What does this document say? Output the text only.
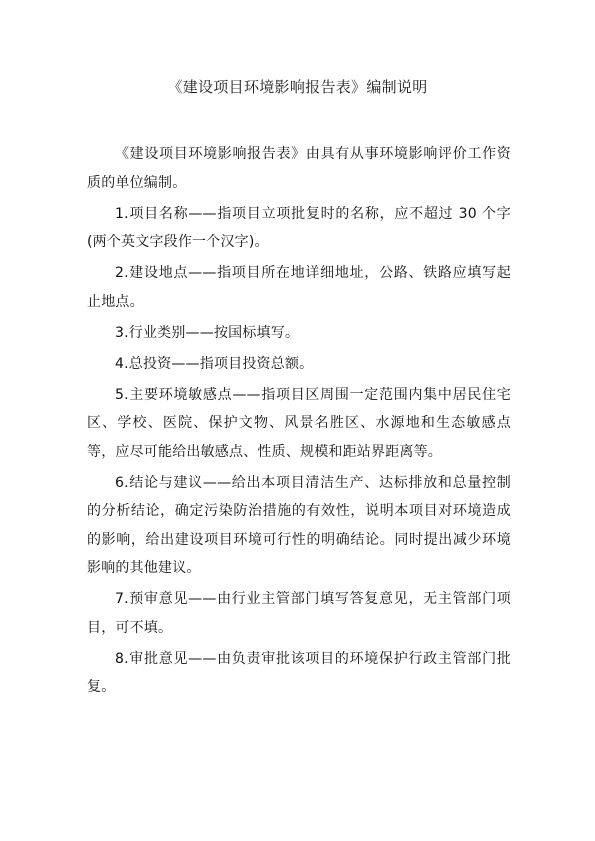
《建设项目环境影响报告表》编制说明

《建设项目环境影响报告表》由具有从事环境影响评价工作资质的单位编制。

1.项目名称——指项目立项批复时的名称，应不超过 30 个字(两个英文字段作一个汉字)。

2.建设地点——指项目所在地详细地址，公路、铁路应填写起止地点。

3.行业类别——按国标填写。

4.总投资——指项目投资总额。

5.主要环境敏感点——指项目区周围一定范围内集中居民住宅区、学校、医院、保护文物、风景名胜区、水源地和生态敏感点等，应尽可能给出敏感点、性质、规模和距站界距离等。

6.结论与建议——给出本项目清洁生产、达标排放和总量控制的分析结论，确定污染防治措施的有效性，说明本项目对环境造成的影响，给出建设项目环境可行性的明确结论。同时提出减少环境影响的其他建议。

7.预审意见——由行业主管部门填写答复意见，无主管部门项目，可不填。

8.审批意见——由负责审批该项目的环境保护行政主管部门批复。
